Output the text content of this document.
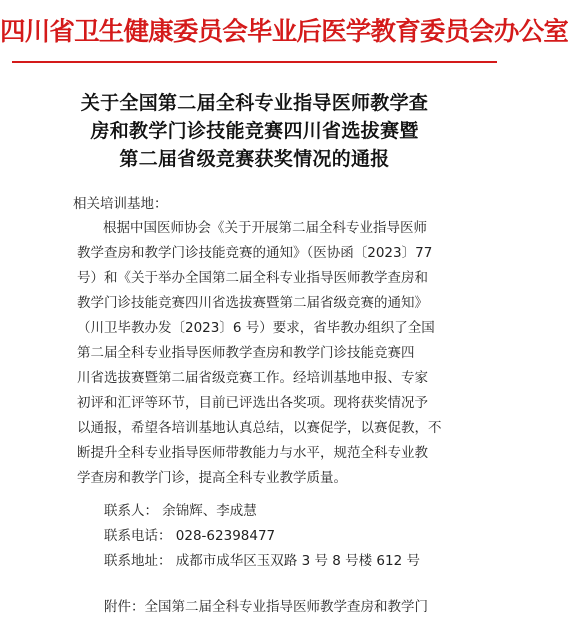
四川省卫生健康委员会毕业后医学教育委员会办公室
关于全国第二届全科专业指导医师教学查
房和教学门诊技能竞赛四川省选拔赛暨
第二届省级竞赛获奖情况的通报
相关培训基地：
根据中国医师协会《关于开展第二届全科专业指导医师
教学查房和教学门诊技能竞赛的通知》（医协函〔2023〕77
号）和《关于举办全国第二届全科专业指导医师教学查房和
教学门诊技能竞赛四川省选拔赛暨第二届省级竞赛的通知》
（川卫毕教办发〔2023〕6 号）要求，省毕教办组织了全国
第二届全科专业指导医师教学查房和教学门诊技能竞赛四
川省选拔赛暨第二届省级竞赛工作。经培训基地申报、专家
初评和汇评等环节，目前已评选出各奖项。现将获奖情况予
以通报，希望各培训基地认真总结，以赛促学，以赛促教，不
断提升全科专业指导医师带教能力与水平，规范全科专业教
学查房和教学门诊，提高全科专业教学质量。
联系人： 余锦辉、李成慧
联系电话： 028-62398477
联系地址： 成都市成华区玉双路 3 号 8 号楼 612 号
附件：全国第二届全科专业指导医师教学查房和教学门
